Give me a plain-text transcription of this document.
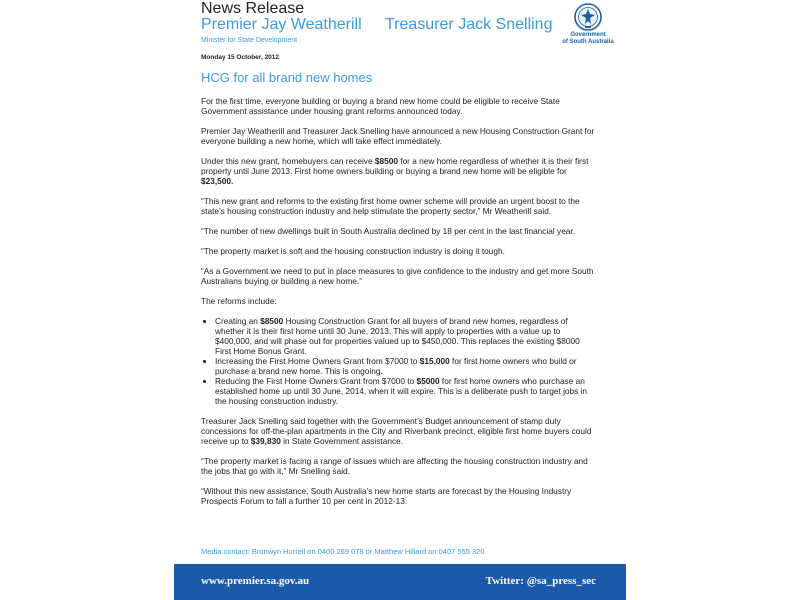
News Release
Premier Jay Weatherill
Minister for State Development
Treasurer Jack Snelling
Government
of South Australia
Monday 15 October, 2012
HCG for all brand new homes

For the first time, everyone building or buying a brand new home could be eligible to receive State Government assistance under housing grant reforms announced today.

Premier Jay Weatherill and Treasurer Jack Snelling have announced a new Housing Construction Grant for everyone building a new home, which will take effect immediately.

Under this new grant, homebuyers can receive $8500 for a new home regardless of whether it is their first property until June 2013. First home owners building or buying a brand new home will be eligible for $23,500.

“This new grant and reforms to the existing first home owner scheme will provide an urgent boost to the state’s housing construction industry and help stimulate the property sector,” Mr Weatherill said.

“The number of new dwellings built in South Australia declined by 18 per cent in the last financial year.

“The property market is soft and the housing construction industry is doing it tough.

“As a Government we need to put in place measures to give confidence to the industry and get more South Australians buying or building a new home.”

The reforms include:

• Creating an $8500 Housing Construction Grant for all buyers of brand new homes, regardless of whether it is their first home until 30 June, 2013. This will apply to properties with a value up to $400,000, and will phase out for properties valued up to $450,000. This replaces the existing $8000 First Home Bonus Grant.
• Increasing the First Home Owners Grant from $7000 to $15,000 for first home owners who build or purchase a brand new home. This is ongoing.
• Reducing the First Home Owners Grant from $7000 to $5000 for first home owners who purchase an established home up until 30 June, 2014, when it will expire. This is a deliberate push to target jobs in the housing construction industry.

Treasurer Jack Snelling said together with the Government’s Budget announcement of stamp duty concessions for off-the-plan apartments in the City and Riverbank precinct, eligible first home buyers could receive up to $39,830 in State Government assistance.

“The property market is facing a range of issues which are affecting the housing construction industry and the jobs that go with it,” Mr Snelling said.

“Without this new assistance, South Australia’s new home starts are forecast by the Housing Industry Prospects Forum to fall a further 10 per cent in 2012-13.

Media contact: Bronwyn Hurrell on 0400 269 078 or Matthew Hillard on 0407 555 320
www.premier.sa.gov.au	Twitter: @sa_press_sec
